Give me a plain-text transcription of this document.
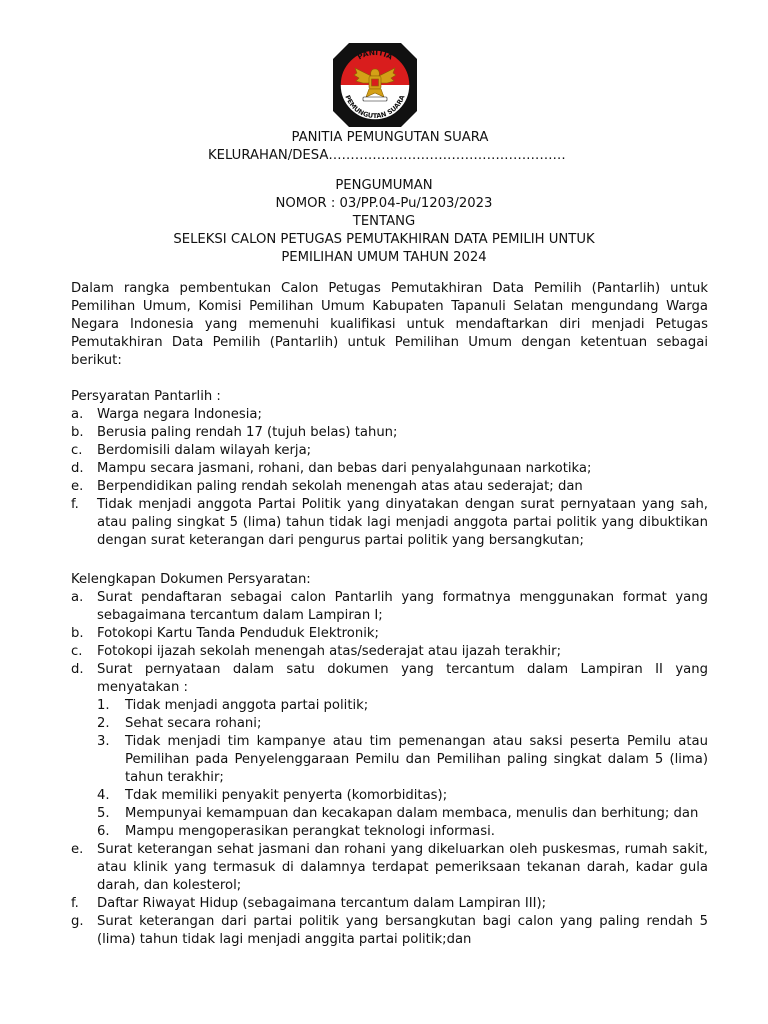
PANITIA
PEMUNGUTAN SUARA
PANITIA PEMUNGUTAN SUARA
KELURAHAN/DESA………………………………………………
PENGUMUMAN
NOMOR : 03/PP.04-Pu/1203/2023
TENTANG
SELEKSI CALON PETUGAS PEMUTAKHIRAN DATA PEMILIH UNTUK
PEMILIHAN UMUM TAHUN 2024
Dalam rangka pembentukan Calon Petugas Pemutakhiran Data Pemilih (Pantarlih) untuk Pemilihan Umum, Komisi Pemilihan Umum Kabupaten Tapanuli Selatan mengundang Warga Negara Indonesia yang memenuhi kualifikasi untuk mendaftarkan diri menjadi Petugas Pemutakhiran Data Pemilih (Pantarlih) untuk Pemilihan Umum dengan ketentuan sebagai berikut:
Persyaratan Pantarlih :
a. Warga negara Indonesia;
b. Berusia paling rendah 17 (tujuh belas) tahun;
c. Berdomisili dalam wilayah kerja;
d. Mampu secara jasmani, rohani, dan bebas dari penyalahgunaan narkotika;
e. Berpendidikan paling rendah sekolah menengah atas atau sederajat; dan
f. Tidak menjadi anggota Partai Politik yang dinyatakan dengan surat pernyataan yang sah, atau paling singkat 5 (lima) tahun tidak lagi menjadi anggota partai politik yang dibuktikan dengan surat keterangan dari pengurus partai politik yang bersangkutan;
Kelengkapan Dokumen Persyaratan:
a. Surat pendaftaran sebagai calon Pantarlih yang formatnya menggunakan format yang sebagaimana tercantum dalam Lampiran I;
b. Fotokopi Kartu Tanda Penduduk Elektronik;
c. Fotokopi ijazah sekolah menengah atas/sederajat atau ijazah terakhir;
d. Surat pernyataan dalam satu dokumen yang tercantum dalam Lampiran II yang
menyatakan :
1. Tidak menjadi anggota partai politik;
2. Sehat secara rohani;
3. Tidak menjadi tim kampanye atau tim pemenangan atau saksi peserta Pemilu atau Pemilihan pada Penyelenggaraan Pemilu dan Pemilihan paling singkat dalam 5 (lima) tahun terakhir;
4. Tdak memiliki penyakit penyerta (komorbiditas);
5. Mempunyai kemampuan dan kecakapan dalam membaca, menulis dan berhitung; dan
6. Mampu mengoperasikan perangkat teknologi informasi.
e. Surat keterangan sehat jasmani dan rohani yang dikeluarkan oleh puskesmas, rumah sakit, atau klinik yang termasuk di dalamnya terdapat pemeriksaan tekanan darah, kadar gula darah, dan kolesterol;
f. Daftar Riwayat Hidup (sebagaimana tercantum dalam Lampiran III);
g. Surat keterangan dari partai politik yang bersangkutan bagi calon yang paling rendah 5 (lima) tahun tidak lagi menjadi anggita partai politik;dan
